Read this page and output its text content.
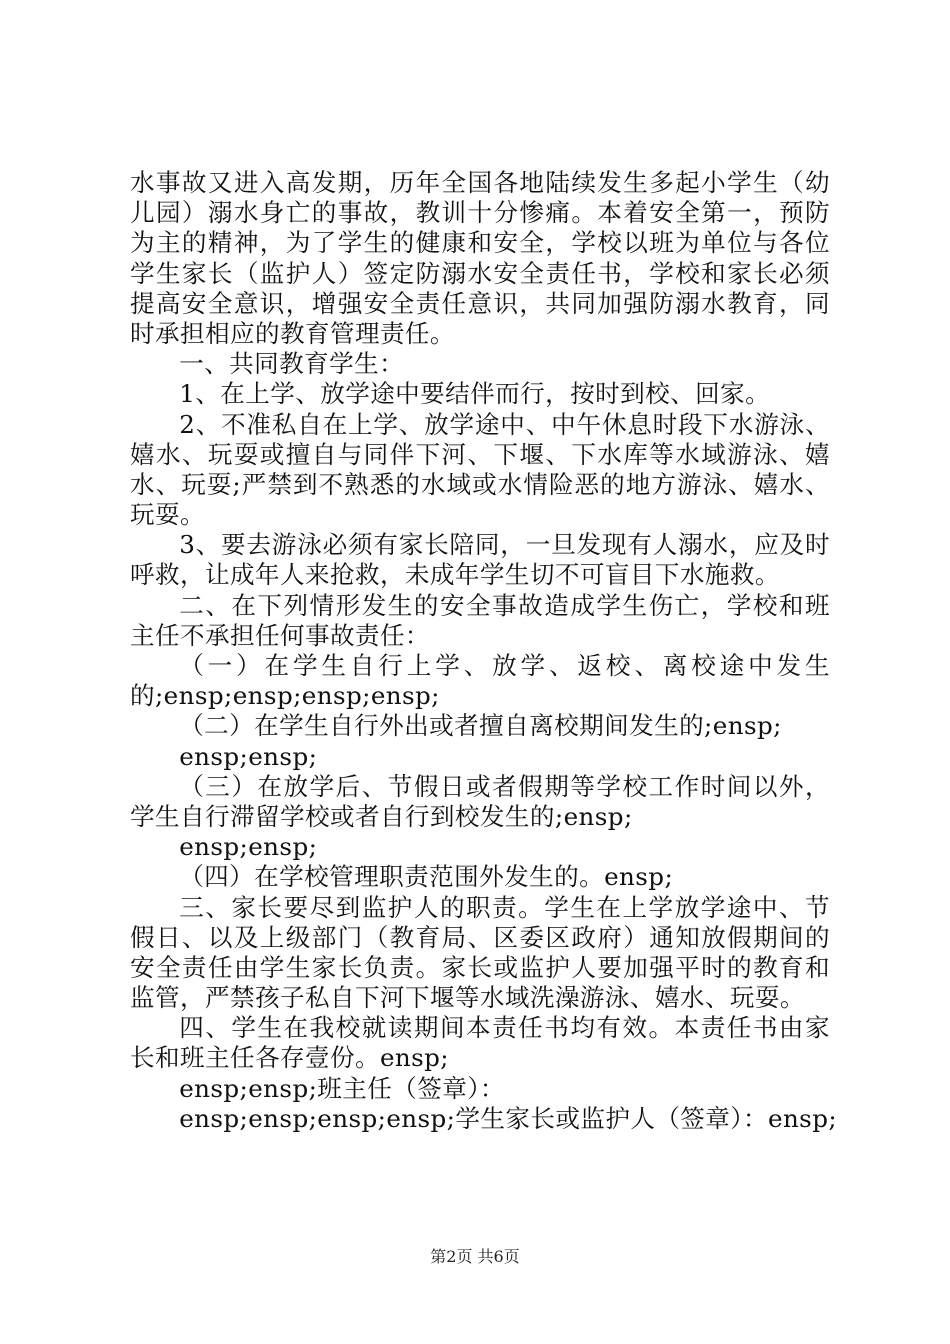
水事故又进入高发期，历年全国各地陆续发生多起小学生（幼
儿园）溺水身亡的事故，教训十分惨痛。本着安全第一，预防
为主的精神，为了学生的健康和安全，学校以班为单位与各位
学生家长（监护人）签定防溺水安全责任书，学校和家长必须
提高安全意识，增强安全责任意识，共同加强防溺水教育，同
时承担相应的教育管理责任。
一、共同教育学生：
1、在上学、放学途中要结伴而行，按时到校、回家。
2、不准私自在上学、放学途中、中午休息时段下水游泳、
嬉水、玩耍或擅自与同伴下河、下堰、下水库等水域游泳、嬉
水、玩耍;严禁到不熟悉的水域或水情险恶的地方游泳、嬉水、
玩耍。
3、要去游泳必须有家长陪同，一旦发现有人溺水，应及时
呼救，让成年人来抢救，未成年学生切不可盲目下水施救。
二、在下列情形发生的安全事故造成学生伤亡，学校和班
主任不承担任何事故责任：
（一）在学生自行上学、放学、返校、离校途中发生
的;ensp;ensp;ensp;ensp;
（二）在学生自行外出或者擅自离校期间发生的;ensp;
ensp;ensp;
（三）在放学后、节假日或者假期等学校工作时间以外，
学生自行滞留学校或者自行到校发生的;ensp;
ensp;ensp;
（四）在学校管理职责范围外发生的。ensp;
三、家长要尽到监护人的职责。学生在上学放学途中、节
假日、以及上级部门（教育局、区委区政府）通知放假期间的
安全责任由学生家长负责。家长或监护人要加强平时的教育和
监管，严禁孩子私自下河下堰等水域洗澡游泳、嬉水、玩耍。
四、学生在我校就读期间本责任书均有效。本责任书由家
长和班主任各存壹份。ensp;
ensp;ensp;班主任（签章）：
ensp;ensp;ensp;ensp;学生家长或监护人（签章）：ensp;
第2页 共6页
